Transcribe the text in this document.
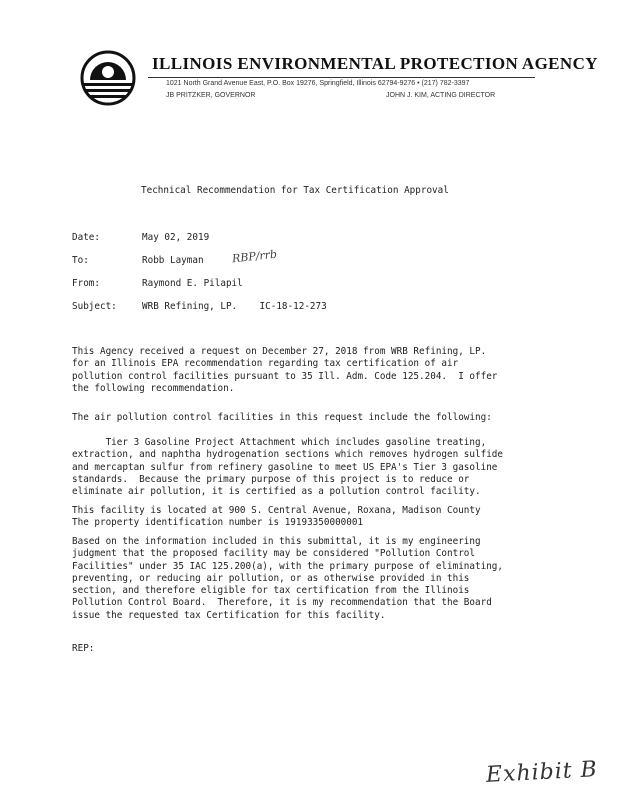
ILLINOIS ENVIRONMENTAL PROTECTION AGENCY
1021 North Grand Avenue East, P.O. Box 19276, Springfield, Illinois 62794-9276 • (217) 782-3397
JB PRITZKER, GOVERNOR	JOHN J. KIM, ACTING DIRECTOR
Technical Recommendation for Tax Certification Approval
Date:	May 02, 2019
To:	Robb Layman	RBP/rrb
From:	Raymond E. Pilapil
Subject:	WRB Refining, LP.    IC-18-12-273
This Agency received a request on December 27, 2018 from WRB Refining, LP.
for an Illinois EPA recommendation regarding tax certification of air
pollution control facilities pursuant to 35 Ill. Adm. Code 125.204.  I offer
the following recommendation.
The air pollution control facilities in this request include the following:
Tier 3 Gasoline Project Attachment which includes gasoline treating,
extraction, and naphtha hydrogenation sections which removes hydrogen sulfide
and mercaptan sulfur from refinery gasoline to meet US EPA's Tier 3 gasoline
standards.  Because the primary purpose of this project is to reduce or
eliminate air pollution, it is certified as a pollution control facility.
This facility is located at 900 S. Central Avenue, Roxana, Madison County
The property identification number is 19193350000001
Based on the information included in this submittal, it is my engineering
judgment that the proposed facility may be considered "Pollution Control
Facilities" under 35 IAC 125.200(a), with the primary purpose of eliminating,
preventing, or reducing air pollution, or as otherwise provided in this
section, and therefore eligible for tax certification from the Illinois
Pollution Control Board.  Therefore, it is my recommendation that the Board
issue the requested tax Certification for this facility.
REP:
Exhibit B
